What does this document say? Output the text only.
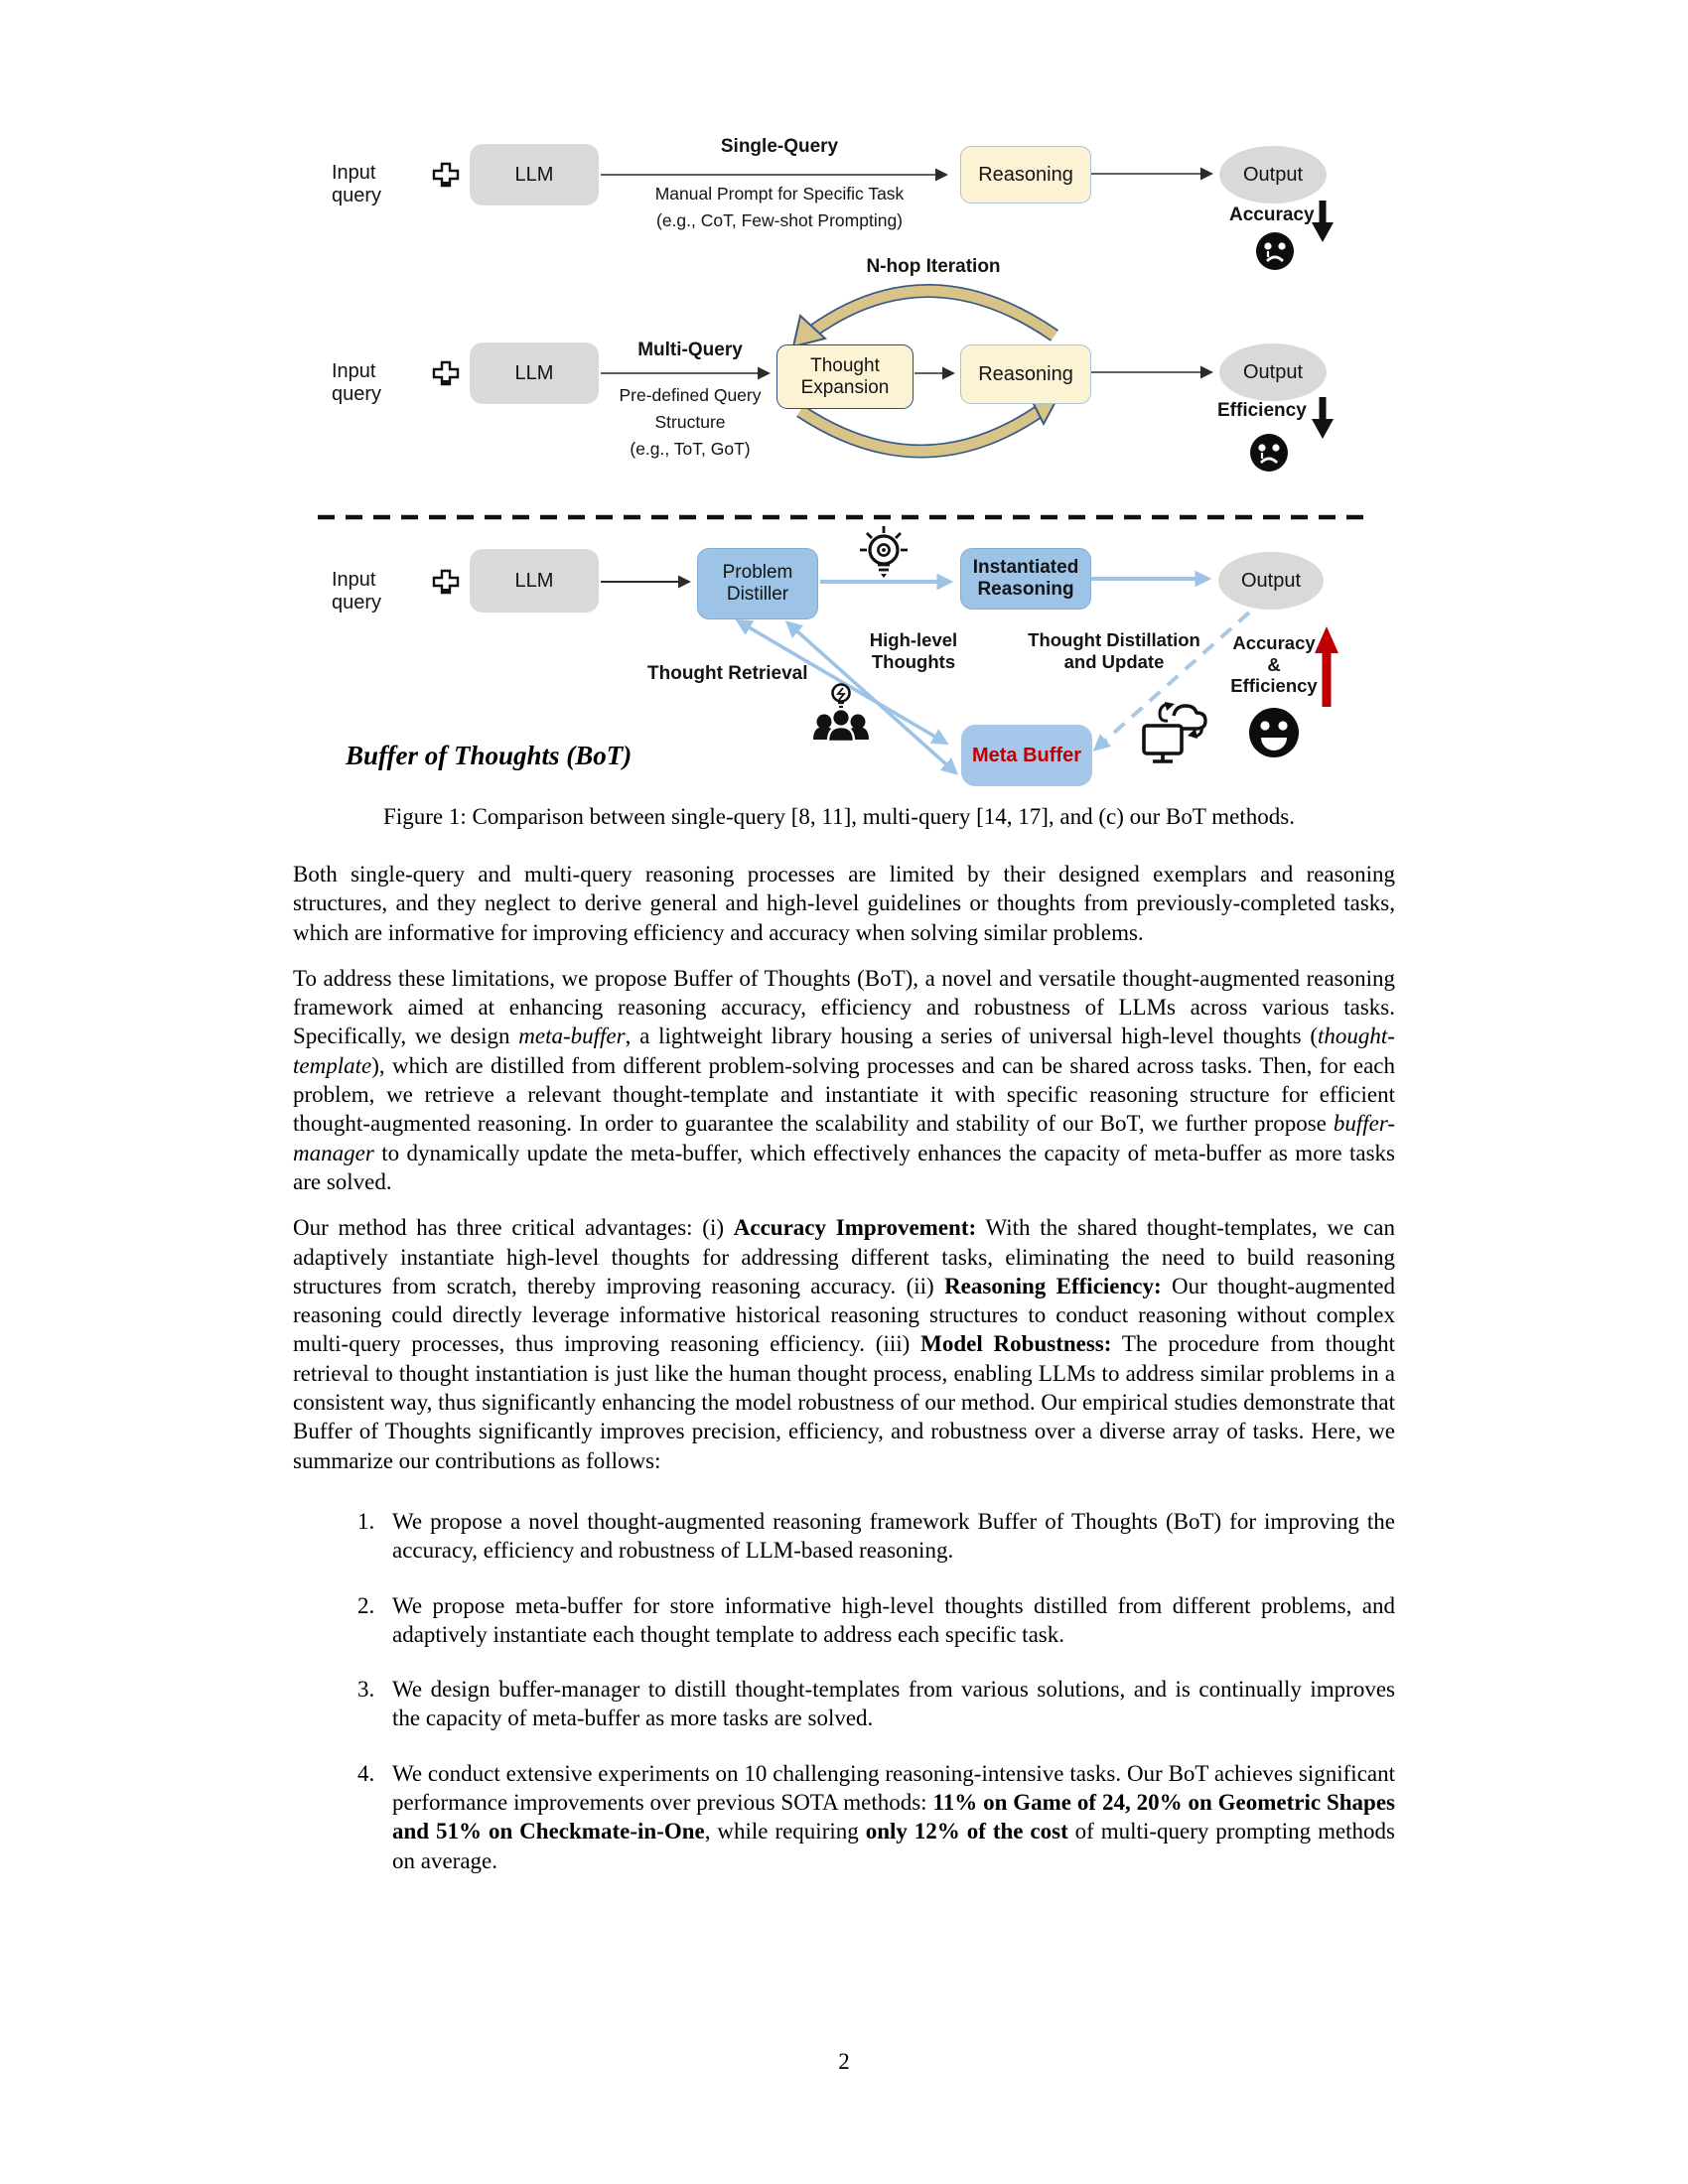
Input query
LLM
Single-Query
Manual Prompt for Specific Task
(e.g., CoT, Few-shot Prompting)
Reasoning	Output
Accuracy
N-hop Iteration
Input query
LLM
Multi-Query
Pre-defined Query
Structure
(e.g., ToT, GoT)
Thought
Expansion
Reasoning	Output
Efficiency
Input query
LLM	Problem
Distiller
Instantiated
Reasoning	Output
High-level
Thoughts
Thought Distillation
and Update
Accuracy
&
Efficiency
Thought Retrieval
Meta Buffer
Buffer of Thoughts (BoT)
Figure 1: Comparison between single-query [8, 11], multi-query [14, 17], and (c) our BoT methods.

Both single-query and multi-query reasoning processes are limited by their designed exemplars and reasoning structures, and they neglect to derive general and high-level guidelines or thoughts from previously-completed tasks, which are informative for improving efficiency and accuracy when solving similar problems.

To address these limitations, we propose Buffer of Thoughts (BoT), a novel and versatile thought-augmented reasoning framework aimed at enhancing reasoning accuracy, efficiency and robustness of LLMs across various tasks. Specifically, we design meta-buffer, a lightweight library housing a series of universal high-level thoughts (thought-template), which are distilled from different problem-solving processes and can be shared across tasks. Then, for each problem, we retrieve a relevant thought-template and instantiate it with specific reasoning structure for efficient thought-augmented reasoning. In order to guarantee the scalability and stability of our BoT, we further propose buffer-manager to dynamically update the meta-buffer, which effectively enhances the capacity of meta-buffer as more tasks are solved.

Our method has three critical advantages: (i) Accuracy Improvement: With the shared thought-templates, we can adaptively instantiate high-level thoughts for addressing different tasks, eliminating the need to build reasoning structures from scratch, thereby improving reasoning accuracy. (ii) Reasoning Efficiency: Our thought-augmented reasoning could directly leverage informative historical reasoning structures to conduct reasoning without complex multi-query processes, thus improving reasoning efficiency. (iii) Model Robustness: The procedure from thought retrieval to thought instantiation is just like the human thought process, enabling LLMs to address similar problems in a consistent way, thus significantly enhancing the model robustness of our method. Our empirical studies demonstrate that Buffer of Thoughts significantly improves precision, efficiency, and robustness over a diverse array of tasks. Here, we summarize our contributions as follows:

1. We propose a novel thought-augmented reasoning framework Buffer of Thoughts (BoT) for improving the accuracy, efficiency and robustness of LLM-based reasoning.
2. We propose meta-buffer for store informative high-level thoughts distilled from different problems, and adaptively instantiate each thought template to address each specific task.
3. We design buffer-manager to distill thought-templates from various solutions, and is continually improves the capacity of meta-buffer as more tasks are solved.
4. We conduct extensive experiments on 10 challenging reasoning-intensive tasks. Our BoT achieves significant performance improvements over previous SOTA methods: 11% on Game of 24, 20% on Geometric Shapes and 51% on Checkmate-in-One, while requiring only 12% of the cost of multi-query prompting methods on average.
2
